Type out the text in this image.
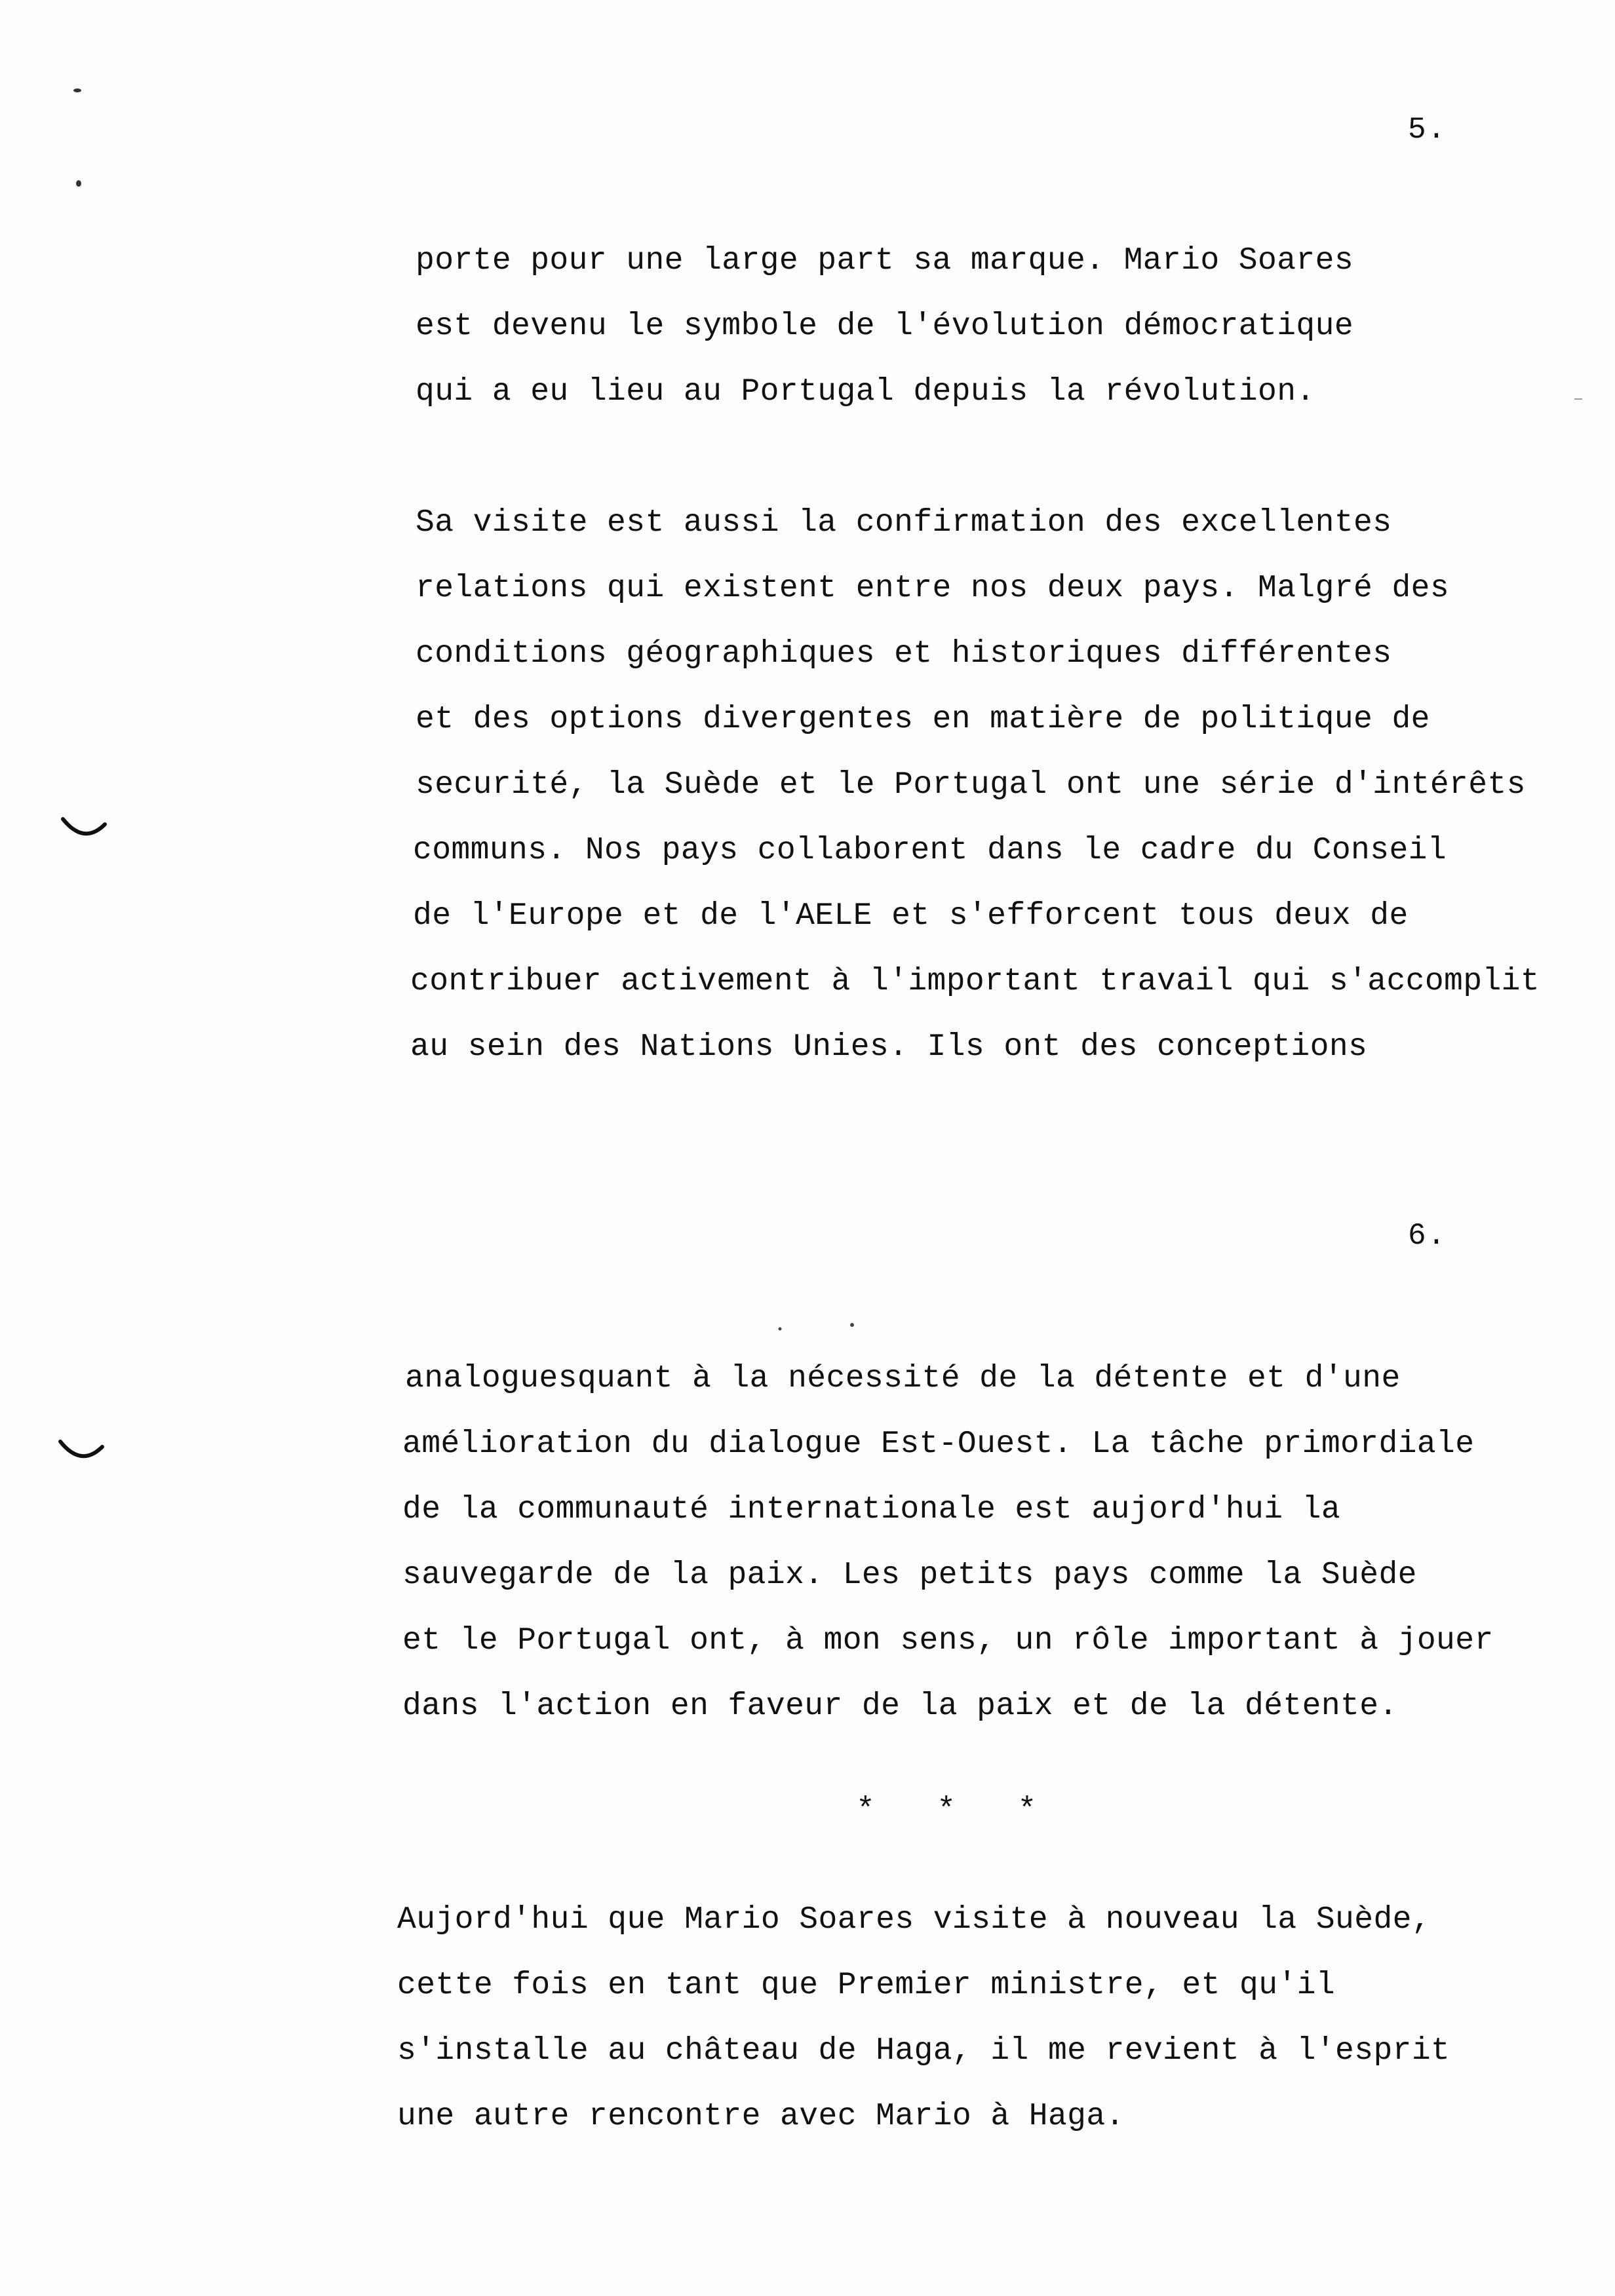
5.
porte pour une large part sa marque. Mario Soares
est devenu le symbole de l'évolution démocratique
qui a eu lieu au Portugal depuis la révolution.
Sa visite est aussi la confirmation des excellentes
relations qui existent entre nos deux pays. Malgré des
conditions géographiques et historiques différentes
et des options divergentes en matière de politique de
securité, la Suède et le Portugal ont une série d'intérêts
communs. Nos pays collaborent dans le cadre du Conseil
de l'Europe et de l'AELE et s'efforcent tous deux de
contribuer activement à l'important travail qui s'accomplit
au sein des Nations Unies. Ils ont des conceptions
6.
analoguesquant à la nécessité de la détente et d'une
amélioration du dialogue Est-Ouest. La tâche primordiale
de la communauté internationale est aujord'hui la
sauvegarde de la paix. Les petits pays comme la Suède
et le Portugal ont, à mon sens, un rôle important à jouer
dans l'action en faveur de la paix et de la détente.
*   *   *
Aujord'hui que Mario Soares visite à nouveau la Suède,
cette fois en tant que Premier ministre, et qu'il
s'installe au château de Haga, il me revient à l'esprit
une autre rencontre avec Mario à Haga.
